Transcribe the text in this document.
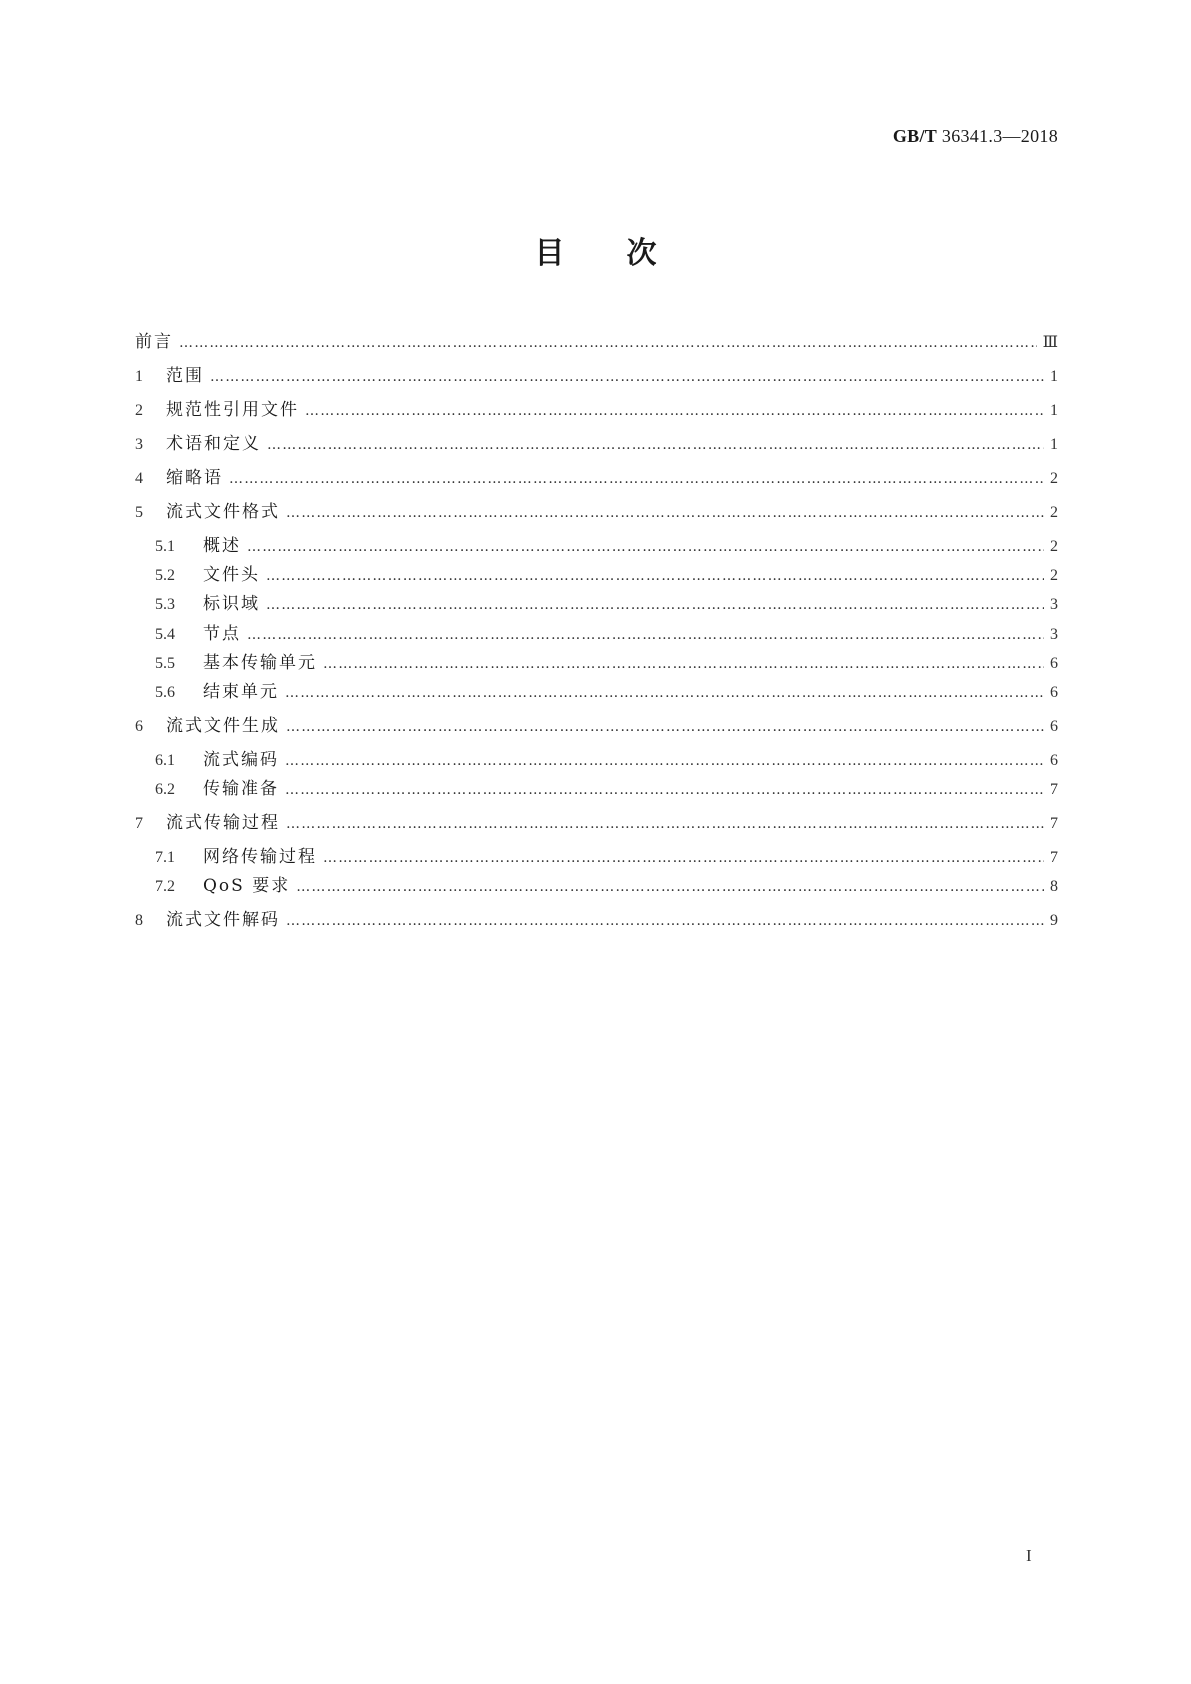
GB/T 36341.3—2018
目次
前言 …………………………………………………………………………………………………………………………………………………………………………………………………………………………………………………………………………	Ⅲ
1	范围 …………………………………………………………………………………………………………………………………………………………………………………………………………………………………………………………………………	1
2	规范性引用文件 …………………………………………………………………………………………………………………………………………………………………………………………………………………………………………………………………………	1
3	术语和定义 …………………………………………………………………………………………………………………………………………………………………………………………………………………………………………………………………………	1
4	缩略语 …………………………………………………………………………………………………………………………………………………………………………………………………………………………………………………………………………	2
5	流式文件格式 …………………………………………………………………………………………………………………………………………………………………………………………………………………………………………………………………………	2
5.1	概述 …………………………………………………………………………………………………………………………………………………………………………………………………………………………………………………………………………	2
5.2	文件头 …………………………………………………………………………………………………………………………………………………………………………………………………………………………………………………………………………	2
5.3	标识域 …………………………………………………………………………………………………………………………………………………………………………………………………………………………………………………………………………	3
5.4	节点 …………………………………………………………………………………………………………………………………………………………………………………………………………………………………………………………………………	3
5.5	基本传输单元 …………………………………………………………………………………………………………………………………………………………………………………………………………………………………………………………………………	6
5.6	结束单元 …………………………………………………………………………………………………………………………………………………………………………………………………………………………………………………………………………	6
6	流式文件生成 …………………………………………………………………………………………………………………………………………………………………………………………………………………………………………………………………………	6
6.1	流式编码 …………………………………………………………………………………………………………………………………………………………………………………………………………………………………………………………………………	6
6.2	传输准备 …………………………………………………………………………………………………………………………………………………………………………………………………………………………………………………………………………	7
7	流式传输过程 …………………………………………………………………………………………………………………………………………………………………………………………………………………………………………………………………………	7
7.1	网络传输过程 …………………………………………………………………………………………………………………………………………………………………………………………………………………………………………………………………………	7
7.2	QoS 要求 …………………………………………………………………………………………………………………………………………………………………………………………………………………………………………………………………………	8
8	流式文件解码 …………………………………………………………………………………………………………………………………………………………………………………………………………………………………………………………………………	9
I
